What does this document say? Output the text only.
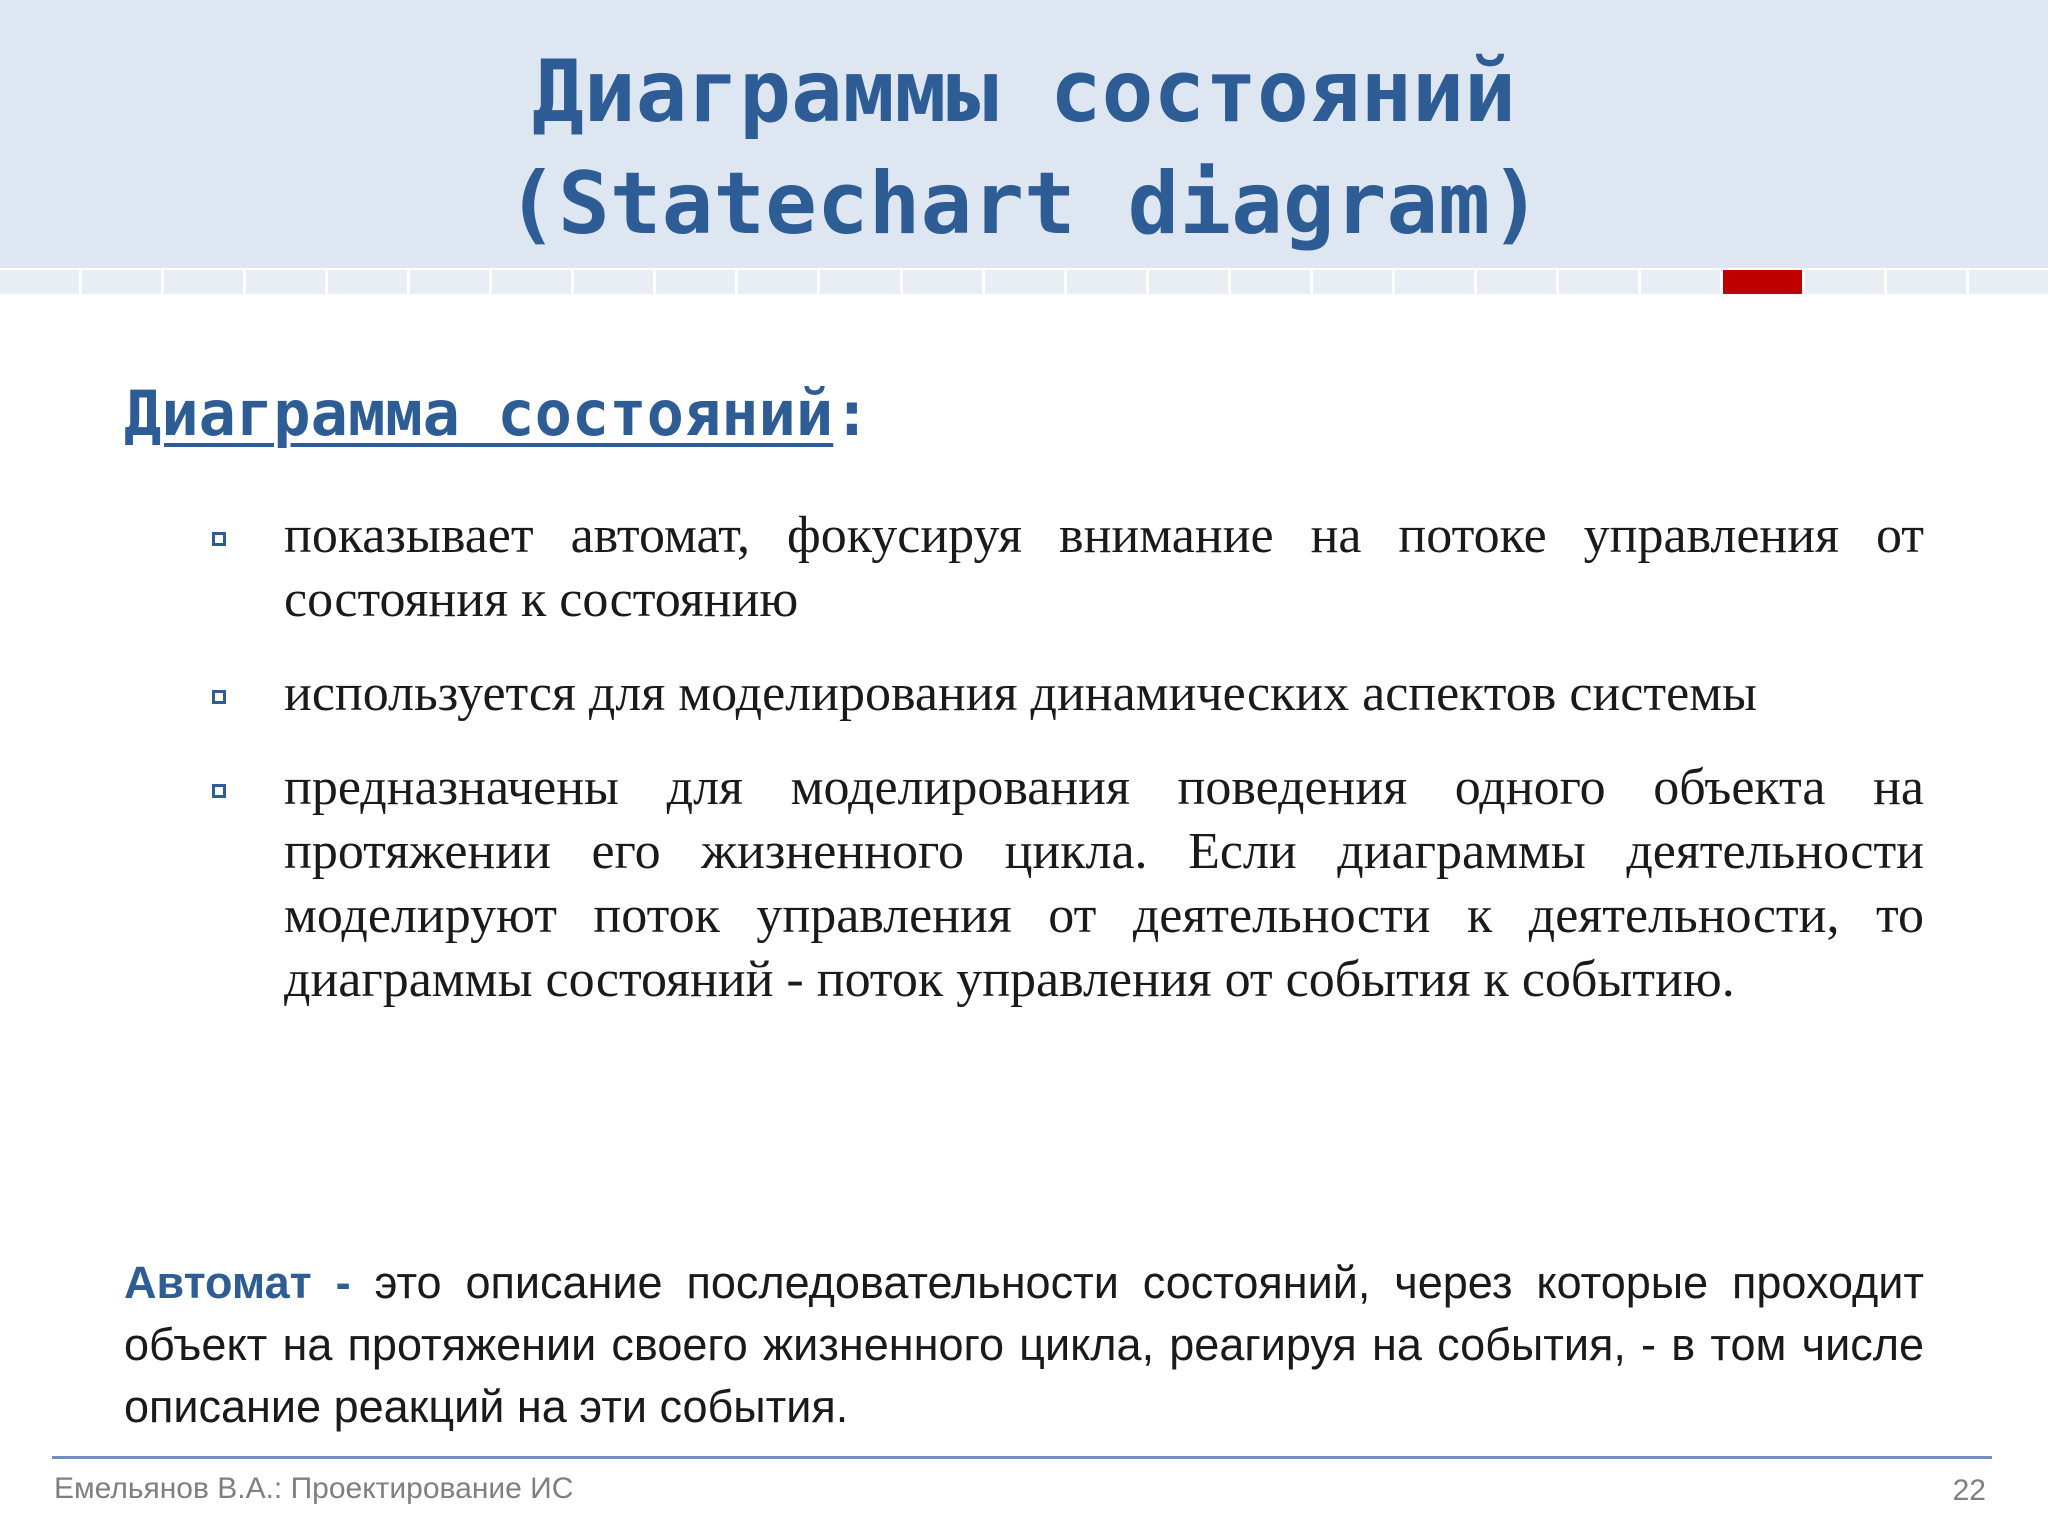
Диаграммы состояний
(Statechart diagram)
Диаграмма состояний:
показывает автомат, фокусируя внимание на потоке управления от состояния к состоянию
используется для моделирования динамических аспектов системы
предназначены для моделирования поведения одного объекта на протяжении его жизненного цикла. Если диаграммы деятельности моделируют поток управления от деятельности к деятельности, то диаграммы состояний - поток управления от события к событию.

Автомат - это описание последовательности состояний, через которые проходит объект на протяжении своего жизненного цикла, реагируя на события, - в том числе описание реакций на эти события.

Емельянов В.А.: Проектирование ИС	22
